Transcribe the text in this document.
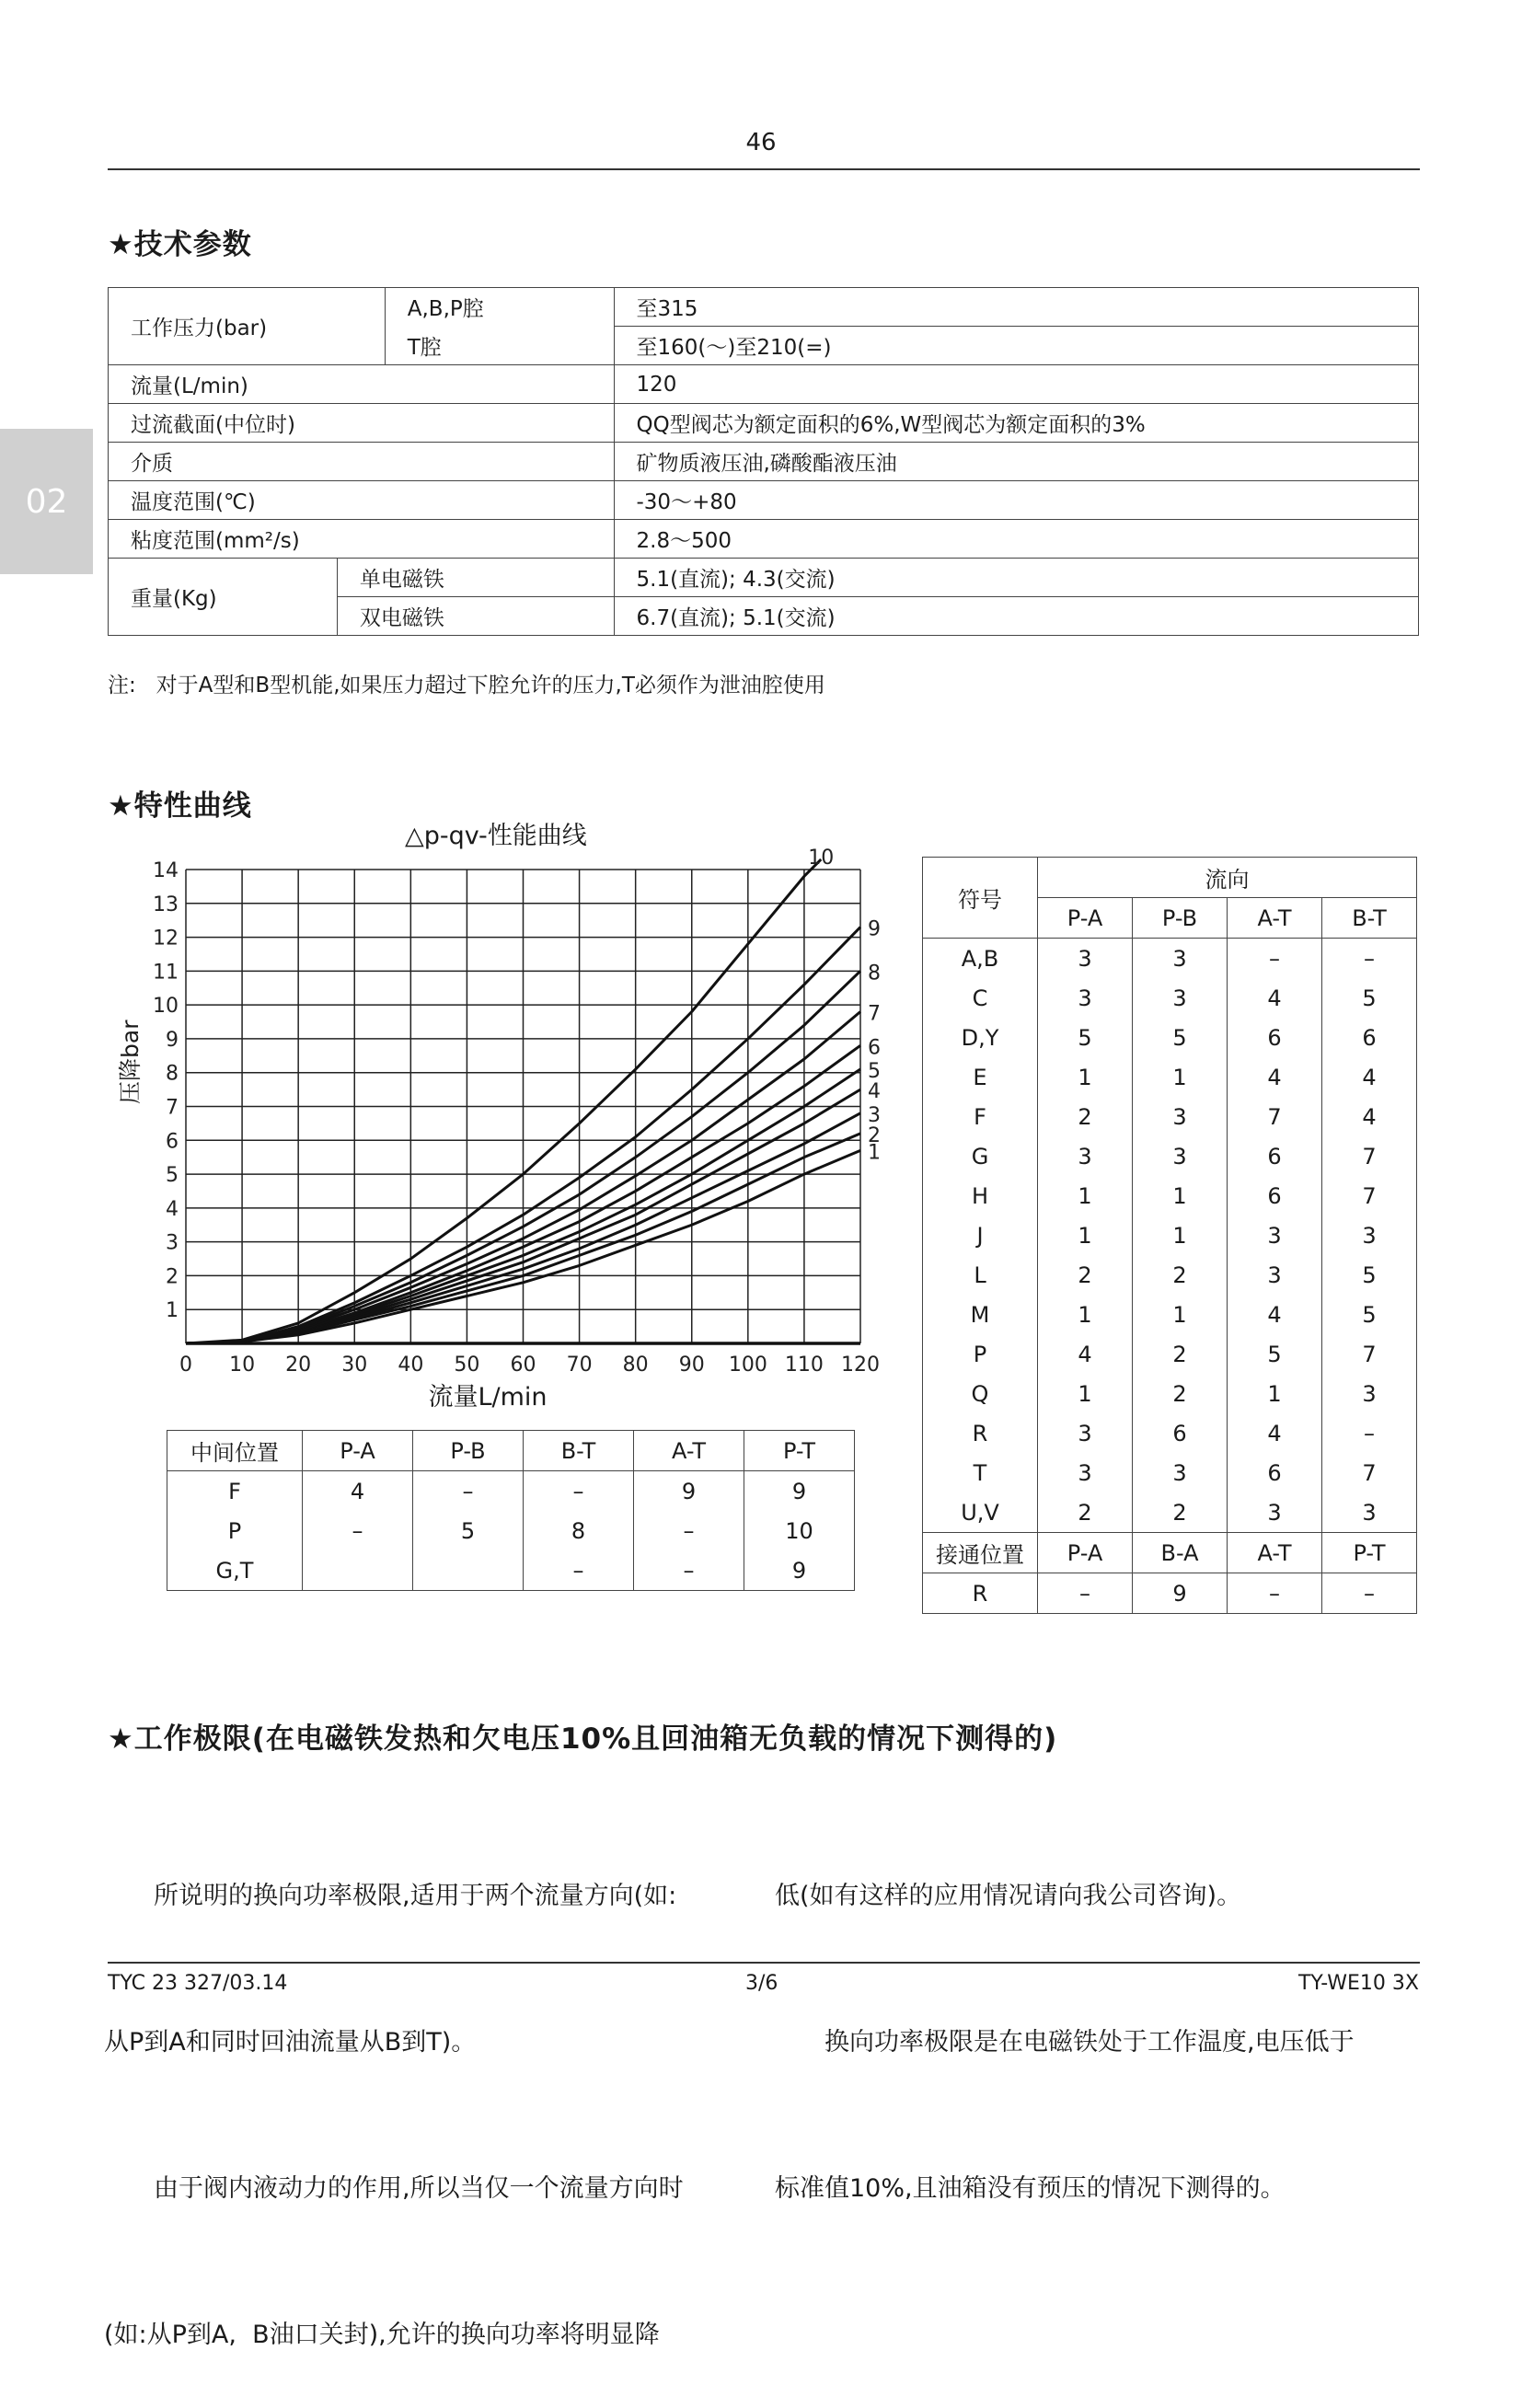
46
02
★技术参数
工作压力(bar)		A,B,P腔	至315
		T腔	至160(～)至210(=)
流量(L/min)			120
过流截面(中位时)			QQ型阀芯为额定面积的6%,W型阀芯为额定面积的3%
介质			矿物质液压油,磷酸酯液压油
温度范围(℃)			-30～+80
粘度范围(mm²/s)			2.8～500
重量(Kg)	单电磁铁		5.1(直流); 4.3(交流)
	双电磁铁		6.7(直流); 5.1(交流)
注:   对于A型和B型机能,如果压力超过下腔允许的压力,T必须作为泄油腔使用
★特性曲线
△p-qv-性能曲线
0 10 20 30 40 50 60 70 80 90 100 110 120
1
2
3
4
5
6
7
8
9
10
11
12
13
14
1
2
3
4
5
6
7
8
9
10
压降bar
流量L/min
中间位置	P-A	P-B	B-T	A-T	P-T
F	4	–	–	9	9
P	–	5	8	–	10
G,T			–	–	9
符号	流向			
	P-A	P-B	A-T	B-T
A,B	3	3	–	–
C	3	3	4	5
D,Y	5	5	6	6
E	1	1	4	4
F	2	3	7	4
G	3	3	6	7
H	1	1	6	7
J	1	1	3	3
L	2	2	3	5
M	1	1	4	5
P	4	2	5	7
Q	1	2	1	3
R	3	6	4	–
T	3	3	6	7
U,V	2	2	3	3
接通位置	P-A	B-A	A-T	P-T
R	–	9	–	–
★工作极限(在电磁铁发热和欠电压10%且回油箱无负载的情况下测得的)

　　所说明的换向功率极限,适用于两个流量方向(如:

从P到A和同时回油流量从B到T)。

　　由于阀内液动力的作用,所以当仅一个流量方向时

(如:从P到A,  B油口关封),允许的换向功率将明显降

低(如有这样的应用情况请向我公司咨询)。

　　换向功率极限是在电磁铁处于工作温度,电压低于

标准值10%,且油箱没有预压的情况下测得的。

TYC 23 327/03.14	3/6	TY-WE10 3X
